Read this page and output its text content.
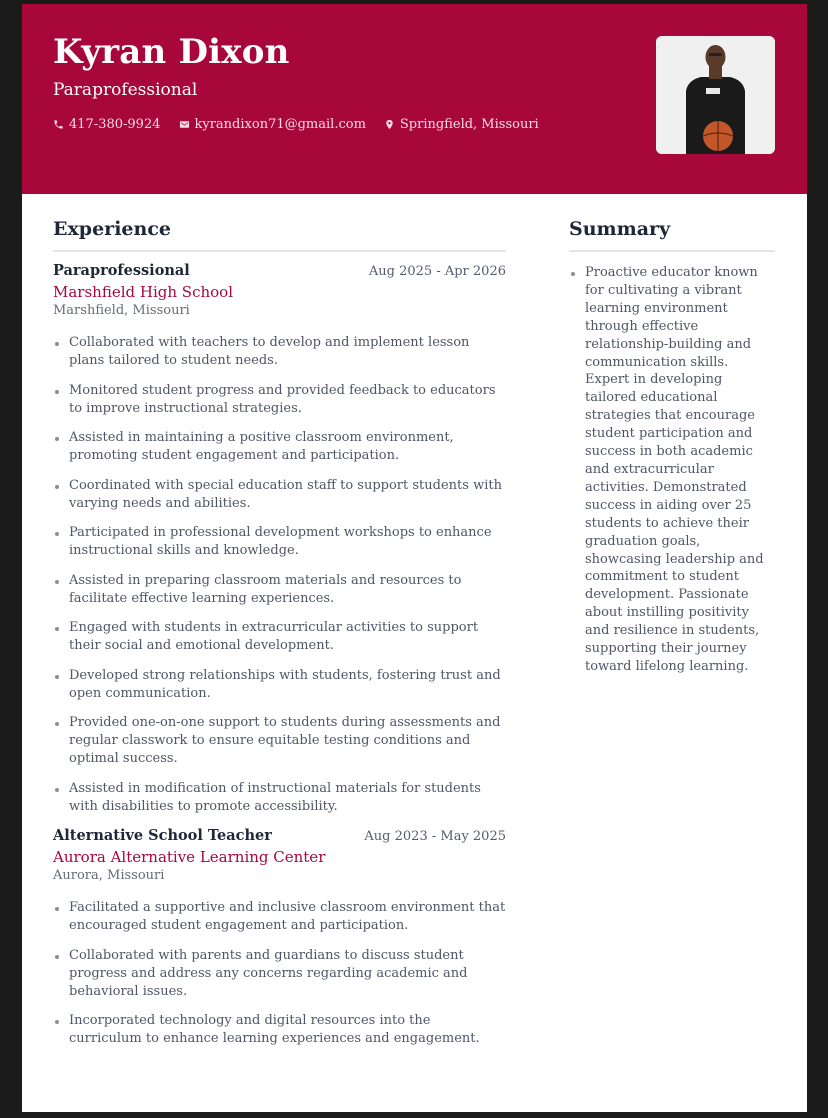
Kyran Dixon
Paraprofessional
417-380-9924	kyrandixon71@gmail.com	Springfield, Missouri
Experience
Paraprofessional	Aug 2025 - Apr 2026
Marshfield High School
Marshfield, Missouri
Collaborated with teachers to develop and implement lesson plans tailored to student needs.
Monitored student progress and provided feedback to educators to improve instructional strategies.
Assisted in maintaining a positive classroom environment, promoting student engagement and participation.
Coordinated with special education staff to support students with varying needs and abilities.
Participated in professional development workshops to enhance instructional skills and knowledge.
Assisted in preparing classroom materials and resources to facilitate effective learning experiences.
Engaged with students in extracurricular activities to support their social and emotional development.
Developed strong relationships with students, fostering trust and open communication.
Provided one-on-one support to students during assessments and regular classwork to ensure equitable testing conditions and optimal success.
Assisted in modification of instructional materials for students with disabilities to promote accessibility.
Alternative School Teacher	Aug 2023 - May 2025
Aurora Alternative Learning Center
Aurora, Missouri
Facilitated a supportive and inclusive classroom environment that encouraged student engagement and participation.
Collaborated with parents and guardians to discuss student progress and address any concerns regarding academic and behavioral issues.
Incorporated technology and digital resources into the curriculum to enhance learning experiences and engagement.
Summary
Proactive educator known for cultivating a vibrant learning environment through effective relationship-building and communication skills. Expert in developing tailored educational strategies that encourage student participation and success in both academic and extracurricular activities. Demonstrated success in aiding over 25 students to achieve their graduation goals, showcasing leadership and commitment to student development. Passionate about instilling positivity and resilience in students, supporting their journey toward lifelong learning.
